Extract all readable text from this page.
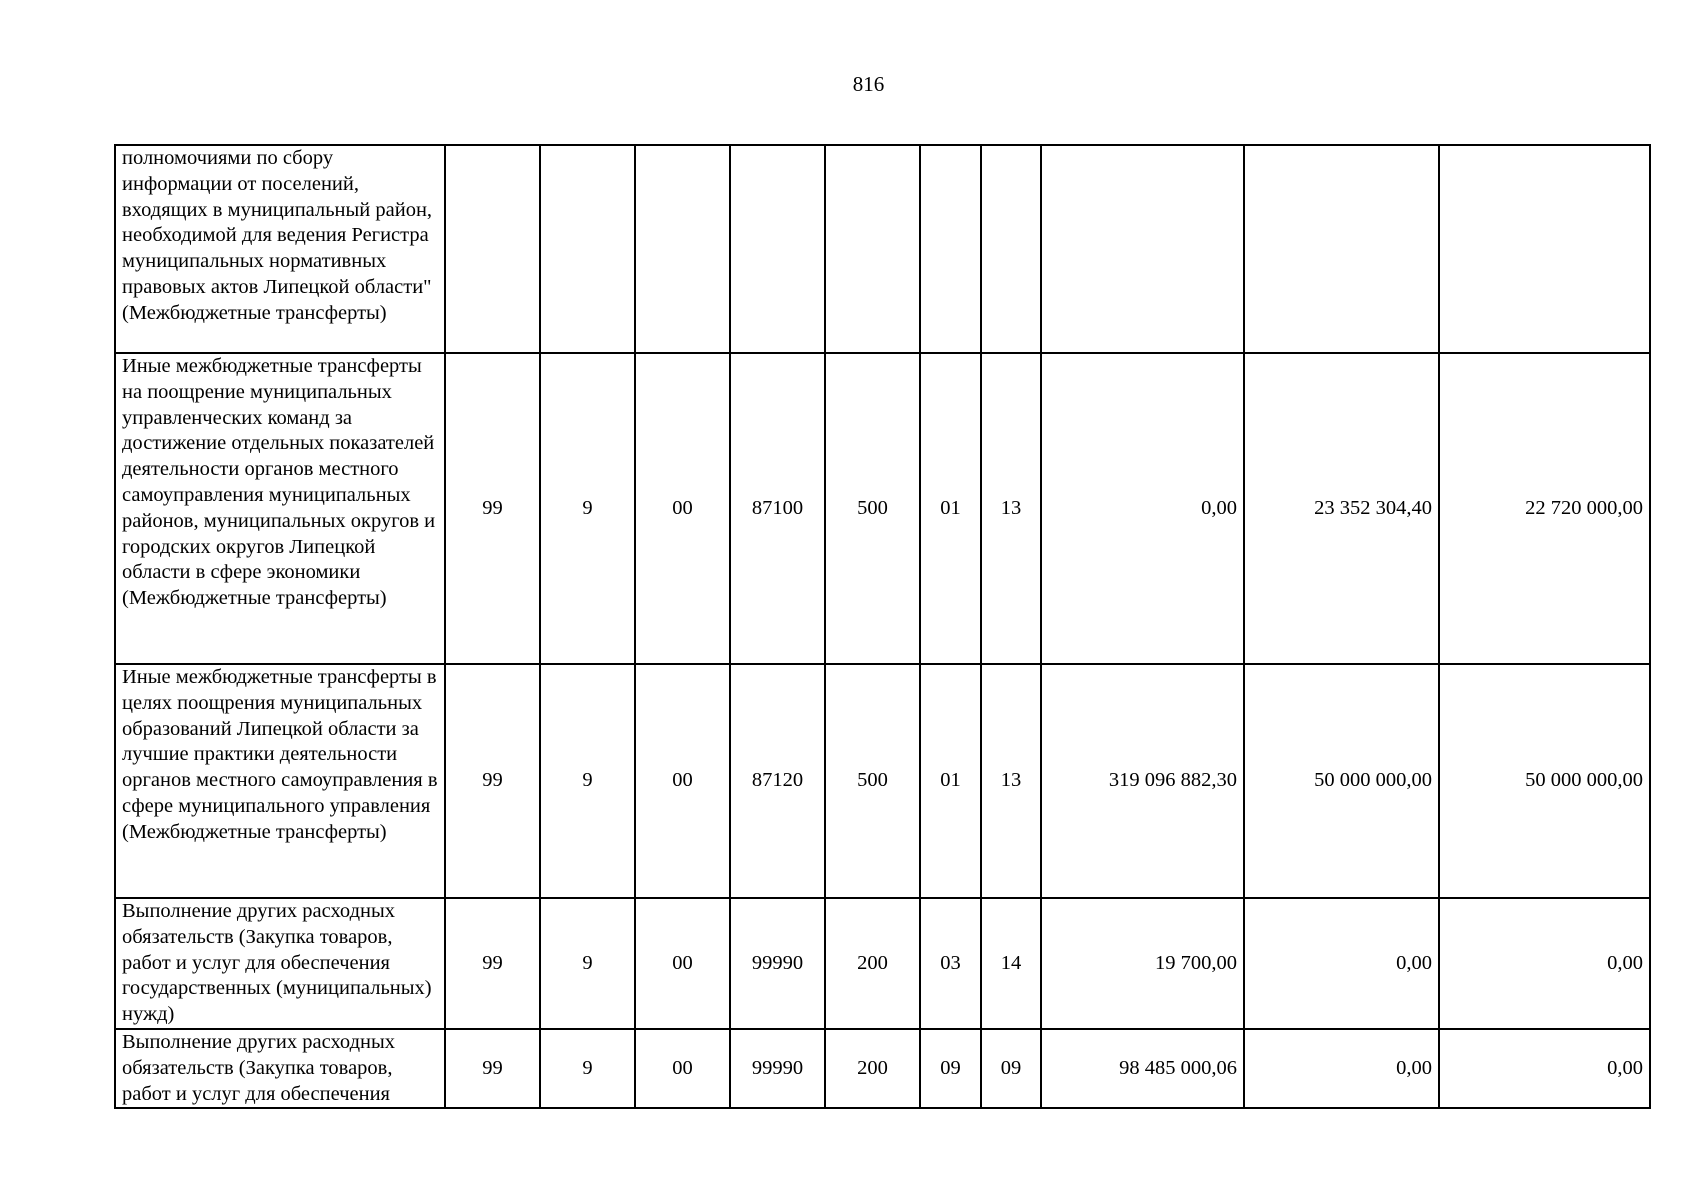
816
полномочиями по сбору информации от поселений, входящих в муниципальный район, необходимой для ведения Регистра муниципальных нормативных правовых актов Липецкой области" (Межбюджетные трансферты)										
Иные межбюджетные трансферты на поощрение муниципальных управленческих команд за достижение отдельных показателей деятельности органов местного самоуправления муниципальных районов, муниципальных округов и городских округов Липецкой области в сфере экономики (Межбюджетные трансферты)	99	9	00	87100	500	01	13	0,00	23 352 304,40	22 720 000,00
Иные межбюджетные трансферты в целях поощрения муниципальных образований Липецкой области за лучшие практики деятельности органов местного самоуправления в сфере муниципального управления (Межбюджетные трансферты)	99	9	00	87120	500	01	13	319 096 882,30	50 000 000,00	50 000 000,00
Выполнение других расходных обязательств (Закупка товаров, работ и услуг для обеспечения государственных (муниципальных) нужд)	99	9	00	99990	200	03	14	19 700,00	0,00	0,00
Выполнение других расходных обязательств (Закупка товаров, работ и услуг для обеспечения	99	9	00	99990	200	09	09	98 485 000,06	0,00	0,00
